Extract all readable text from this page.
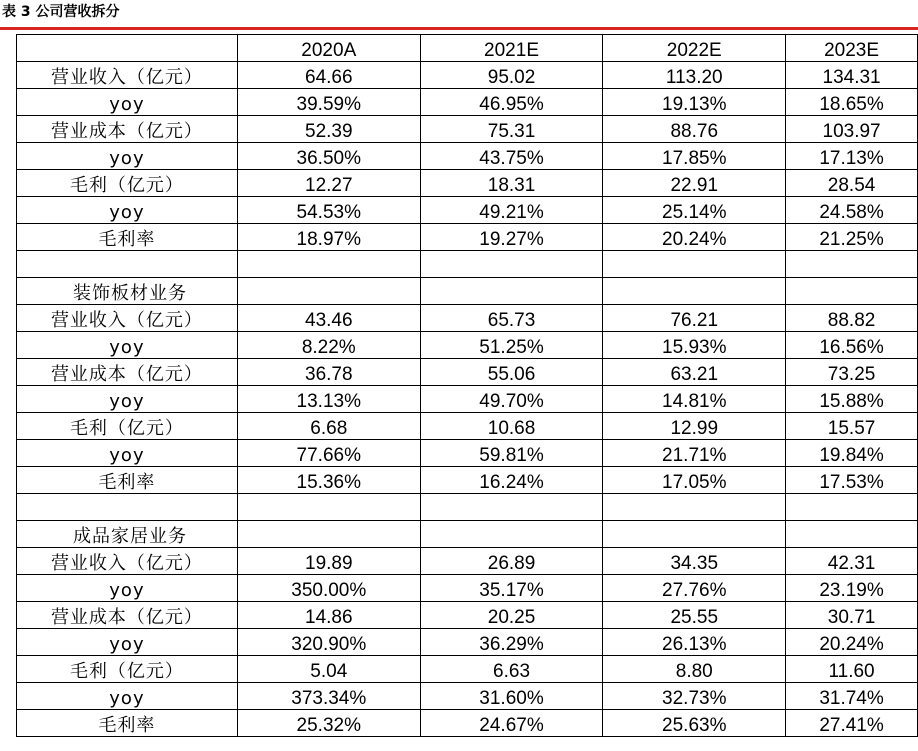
表 3 公司营收拆分
	2020A	2021E	2022E	2023E
营业收入（亿元）	64.66	95.02	113.20	134.31
yoy	39.59%	46.95%	19.13%	18.65%
营业成本（亿元）	52.39	75.31	88.76	103.97
yoy	36.50%	43.75%	17.85%	17.13%
毛利（亿元）	12.27	18.31	22.91	28.54
yoy	54.53%	49.21%	25.14%	24.58%
毛利率	18.97%	19.27%	20.24%	21.25%

装饰板材业务				
营业收入（亿元）	43.46	65.73	76.21	88.82
yoy	8.22%	51.25%	15.93%	16.56%
营业成本（亿元）	36.78	55.06	63.21	73.25
yoy	13.13%	49.70%	14.81%	15.88%
毛利（亿元）	6.68	10.68	12.99	15.57
yoy	77.66%	59.81%	21.71%	19.84%
毛利率	15.36%	16.24%	17.05%	17.53%

成品家居业务				
营业收入（亿元）	19.89	26.89	34.35	42.31
yoy	350.00%	35.17%	27.76%	23.19%
营业成本（亿元）	14.86	20.25	25.55	30.71
yoy	320.90%	36.29%	26.13%	20.24%
毛利（亿元）	5.04	6.63	8.80	11.60
yoy	373.34%	31.60%	32.73%	31.74%
毛利率	25.32%	24.67%	25.63%	27.41%
